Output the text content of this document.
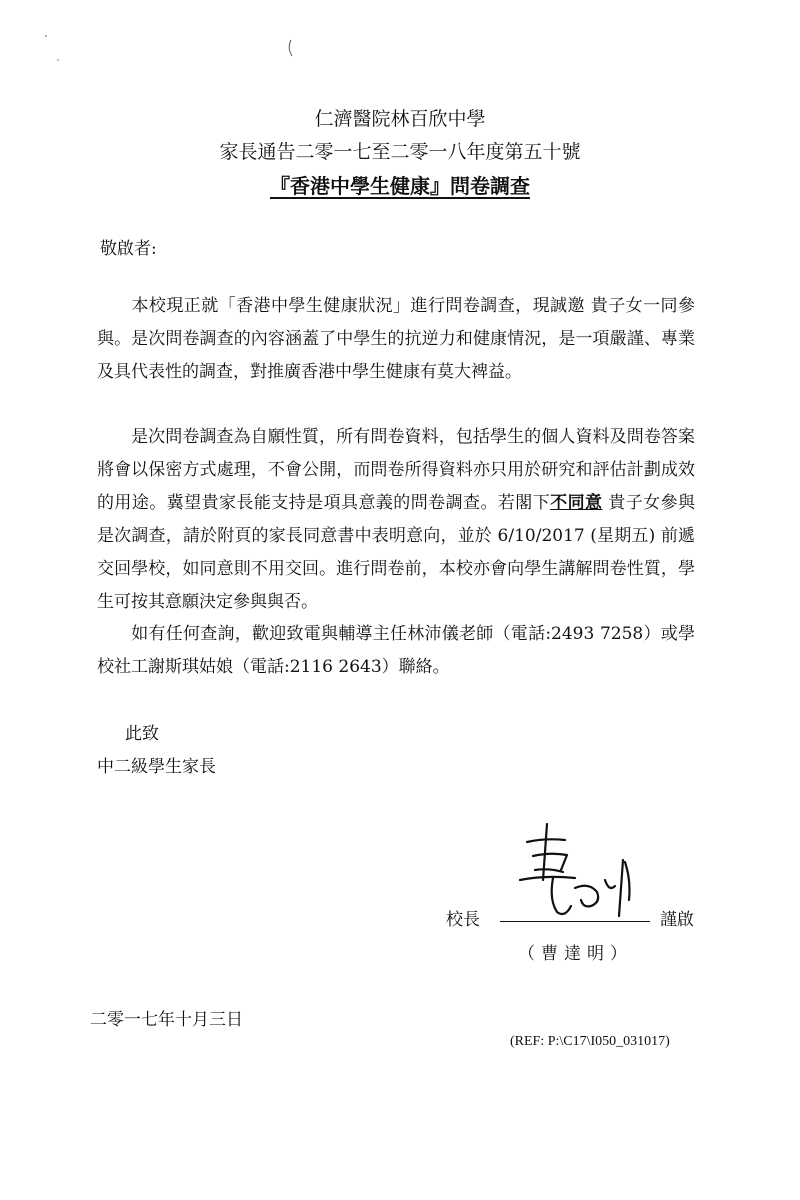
仁濟醫院林百欣中學
家長通告二零一七至二零一八年度第五十號
『香港中學生健康』問卷調查
敬啟者:
本校現正就「香港中學生健康狀況」進行問卷調查，現誠邀 貴子女一同參與。是次問卷調查的內容涵蓋了中學生的抗逆力和健康情況，是一項嚴謹、專業及具代表性的調查，對推廣香港中學生健康有莫大裨益。
是次問卷調查為自願性質，所有問卷資料，包括學生的個人資料及問卷答案將會以保密方式處理，不會公開，而問卷所得資料亦只用於研究和評估計劃成效的用途。冀望貴家長能支持是項具意義的問卷調查。若閣下不同意 貴子女參與是次調查，請於附頁的家長同意書中表明意向，並於 6/10/2017 (星期五) 前遞交回學校，如同意則不用交回。進行問卷前，本校亦會向學生講解問卷性質，學生可按其意願決定參與與否。
如有任何查詢，歡迎致電與輔導主任林沛儀老師（電話:2493 7258）或學校社工謝斯琪姑娘（電話:2116 2643）聯絡。
此致
中二級學生家長
校長	謹啟
（曹達明）
二零一七年十月三日
(REF: P:\C17\I050_031017)
